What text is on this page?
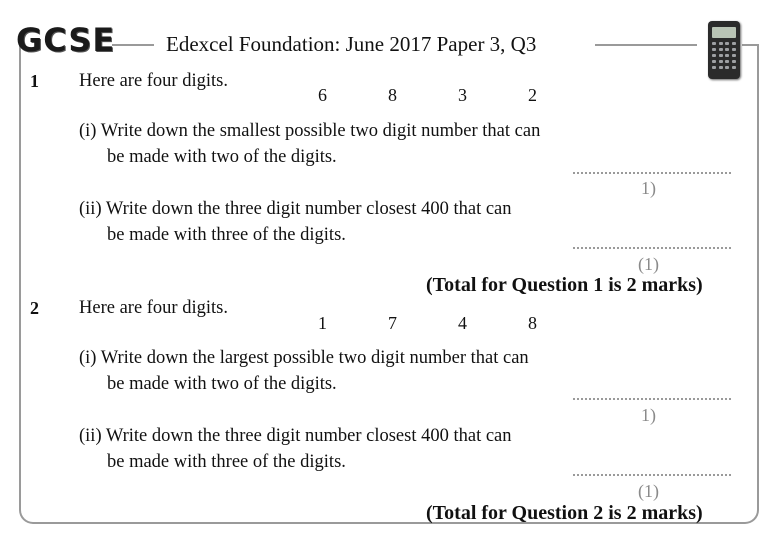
GCSE Edexcel Foundation: June 2017 Paper 3, Q3
1 Here are four digits.
6	8	3	2
(i) Write down the smallest possible two digit number that can
be made with two of the digits.
1)
(ii) Write down the three digit number closest 400 that can
be made with three of the digits.
(1)
(Total for Question 1 is 2 marks)
2 Here are four digits.
1	7	4	8
(i) Write down the largest possible two digit number that can
be made with two of the digits.
1)
(ii) Write down the three digit number closest 400 that can
be made with three of the digits.
(1)
(Total for Question 2 is 2 marks)
